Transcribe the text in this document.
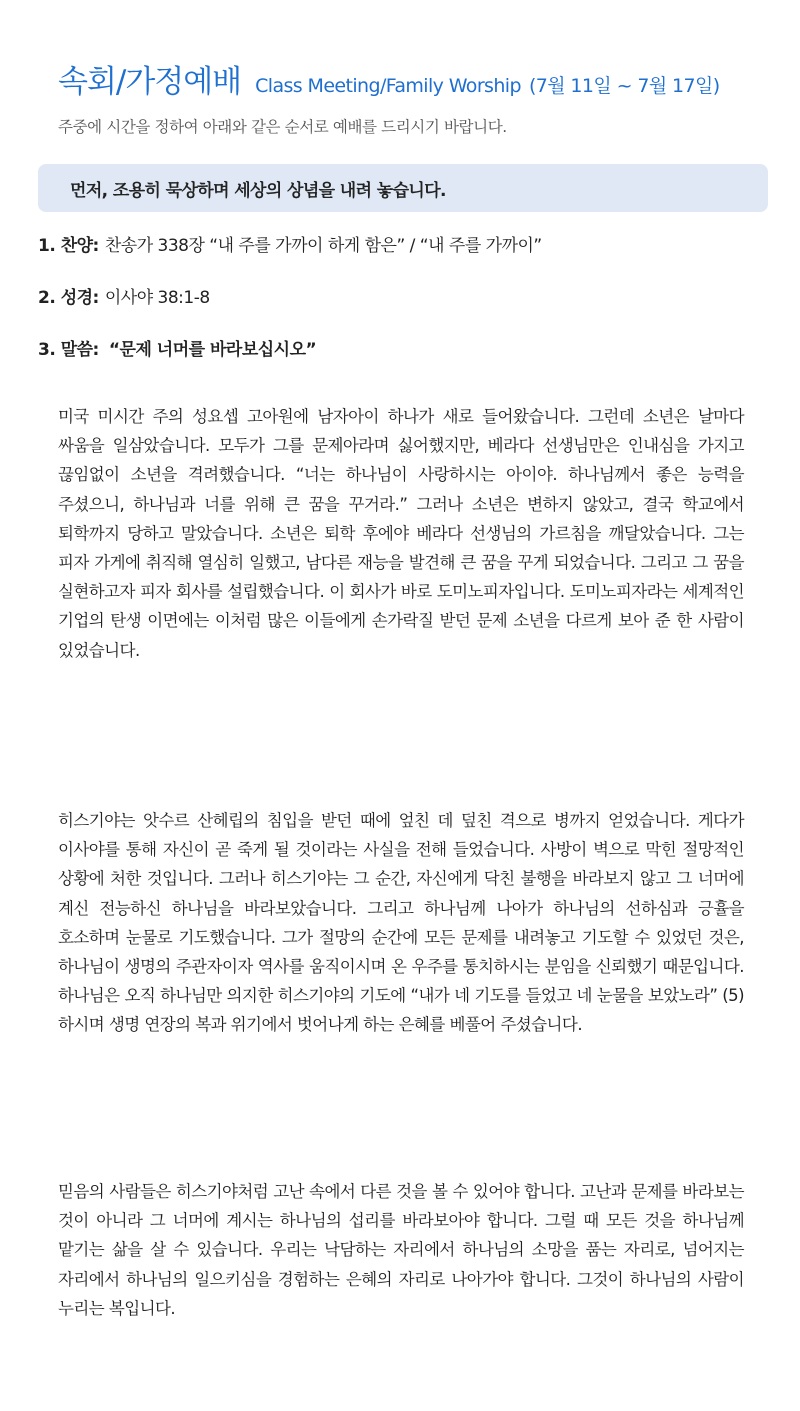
속회/가정예배 Class Meeting/Family Worship (7월 11일 ~ 7월 17일)
주중에 시간을 정하여 아래와 같은 순서로 예배를 드리시기 바랍니다.
먼저, 조용히 묵상하며 세상의 상념을 내려 놓습니다.
1. 찬양: 찬송가 338장 “내 주를 가까이 하게 함은” / “내 주를 가까이”
2. 성경: 이사야 38:1-8
3. 말씀: “문제 너머를 바라보십시오”

미국 미시간 주의 성요셉 고아원에 남자아이 하나가 새로 들어왔습니다. 그런데 소년은 날마다 싸움을 일삼았습니다. 모두가 그를 문제아라며 싫어했지만, 베라다 선생님만은 인내심을 가지고 끊임없이 소년을 격려했습니다. “너는 하나님이 사랑하시는 아이야. 하나님께서 좋은 능력을 주셨으니, 하나님과 너를 위해 큰 꿈을 꾸거라.” 그러나 소년은 변하지 않았고, 결국 학교에서 퇴학까지 당하고 말았습니다. 소년은 퇴학 후에야 베라다 선생님의 가르침을 깨달았습니다. 그는 피자 가게에 취직해 열심히 일했고, 남다른 재능을 발견해 큰 꿈을 꾸게 되었습니다. 그리고 그 꿈을 실현하고자 피자 회사를 설립했습니다. 이 회사가 바로 도미노피자입니다. 도미노피자라는 세계적인 기업의 탄생 이면에는 이처럼 많은 이들에게 손가락질 받던 문제 소년을 다르게 보아 준 한 사람이 있었습니다.

히스기야는 앗수르 산헤립의 침입을 받던 때에 엎친 데 덮친 격으로 병까지 얻었습니다. 게다가 이사야를 통해 자신이 곧 죽게 될 것이라는 사실을 전해 들었습니다. 사방이 벽으로 막힌 절망적인 상황에 처한 것입니다. 그러나 히스기야는 그 순간, 자신에게 닥친 불행을 바라보지 않고 그 너머에 계신 전능하신 하나님을 바라보았습니다. 그리고 하나님께 나아가 하나님의 선하심과 긍휼을 호소하며 눈물로 기도했습니다. 그가 절망의 순간에 모든 문제를 내려놓고 기도할 수 있었던 것은, 하나님이 생명의 주관자이자 역사를 움직이시며 온 우주를 통치하시는 분임을 신뢰했기 때문입니다. 하나님은 오직 하나님만 의지한 히스기야의 기도에 “내가 네 기도를 들었고 네 눈물을 보았노라” (5) 하시며 생명 연장의 복과 위기에서 벗어나게 하는 은혜를 베풀어 주셨습니다.

믿음의 사람들은 히스기야처럼 고난 속에서 다른 것을 볼 수 있어야 합니다. 고난과 문제를 바라보는 것이 아니라 그 너머에 계시는 하나님의 섭리를 바라보아야 합니다. 그럴 때 모든 것을 하나님께 맡기는 삶을 살 수 있습니다. 우리는 낙담하는 자리에서 하나님의 소망을 품는 자리로, 넘어지는 자리에서 하나님의 일으키심을 경험하는 은혜의 자리로 나아가야 합니다. 그것이 하나님의 사람이 누리는 복입니다.
